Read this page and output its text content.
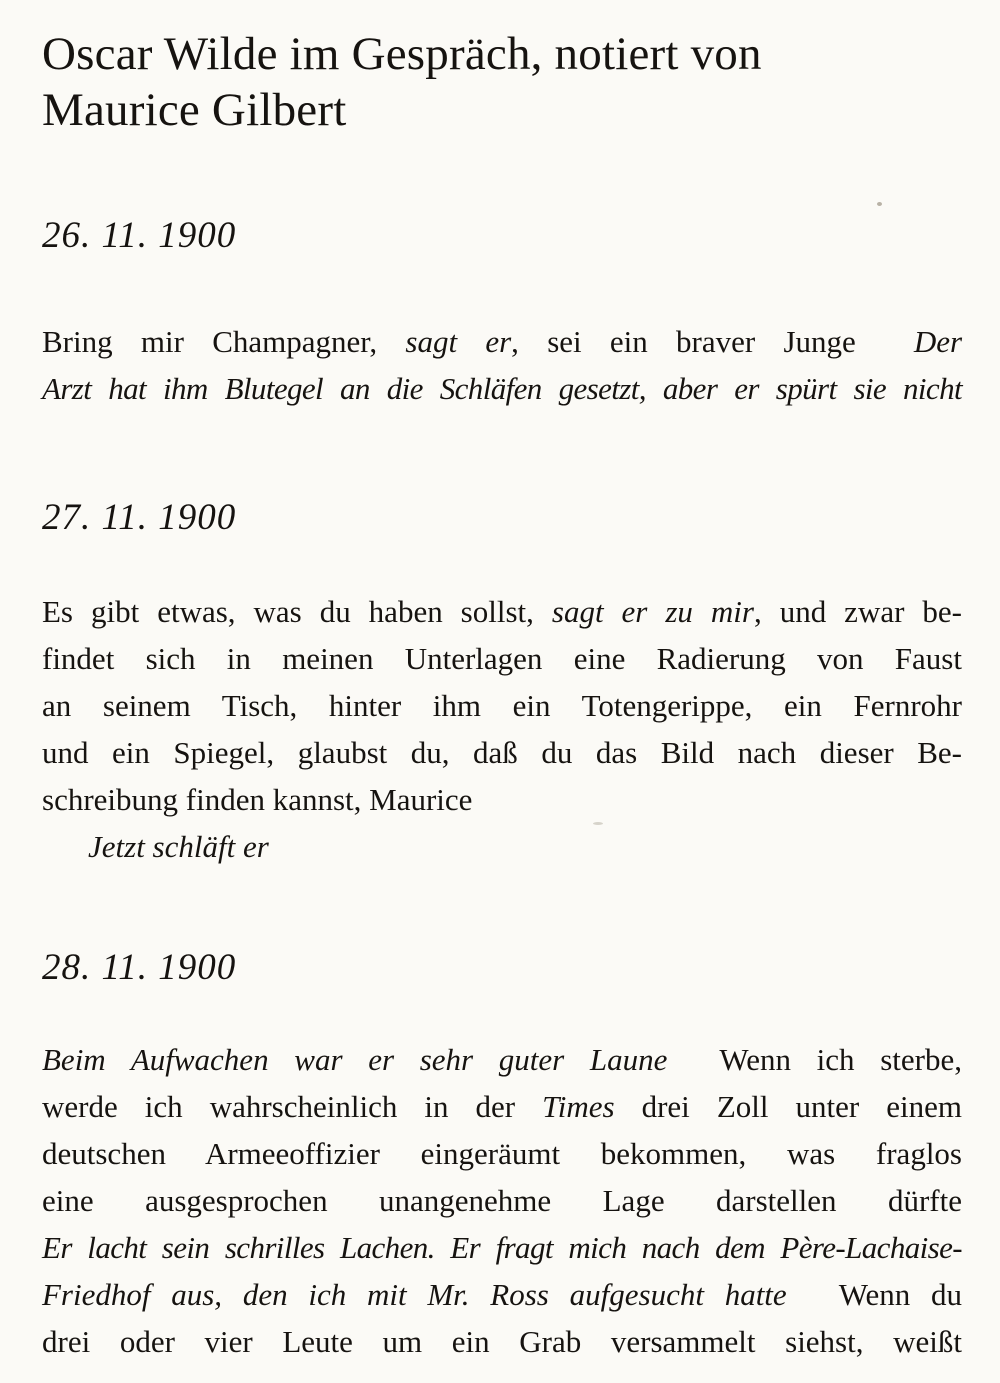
Oscar Wilde im Gespräch, notiert von
Maurice Gilbert
26. 11. 1900
Bring mir Champagner, sagt er, sei ein braver Junge Der
Arzt hat ihm Blutegel an die Schläfen gesetzt, aber er spürt sie nicht
27. 11. 1900
Es gibt etwas, was du haben sollst, sagt er zu mir, und zwar be-
findet sich in meinen Unterlagen eine Radierung von Faust
an seinem Tisch, hinter ihm ein Totengerippe, ein Fernrohr
und ein Spiegel, glaubst du, daß du das Bild nach dieser Be-
schreibung finden kannst, Maurice
Jetzt schläft er
28. 11. 1900
Beim Aufwachen war er sehr guter Laune Wenn ich sterbe,
werde ich wahrscheinlich in der Times drei Zoll unter einem
deutschen Armeeoffizier eingeräumt bekommen, was fraglos
eine ausgesprochen unangenehme Lage darstellen dürfte
Er lacht sein schrilles Lachen. Er fragt mich nach dem Père-Lachaise-
Friedhof aus, den ich mit Mr. Ross aufgesucht hatte Wenn du
drei oder vier Leute um ein Grab versammelt siehst, weißt
